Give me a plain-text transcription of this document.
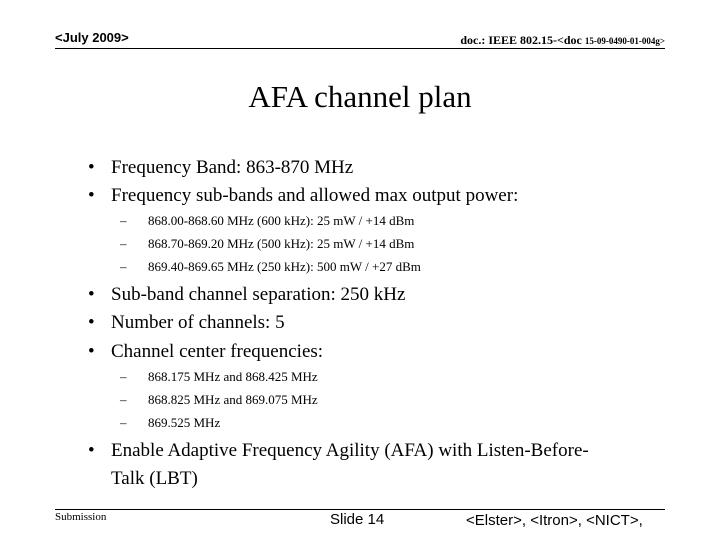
<July 2009>	doc.: IEEE 802.15-<doc 15-09-0490-01-004g>
AFA channel plan
• Frequency Band: 863-870 MHz
• Frequency sub-bands and allowed max output power:
–	868.00-868.60 MHz (600 kHz): 25 mW / +14 dBm
–	868.70-869.20 MHz (500 kHz): 25 mW / +14 dBm
–	869.40-869.65 MHz (250 kHz): 500 mW / +27 dBm
• Sub-band channel separation: 250 kHz
• Number of channels: 5
• Channel center frequencies:
–	868.175 MHz and 868.425 MHz
–	868.825 MHz and 869.075 MHz
–	869.525 MHz
• Enable Adaptive Frequency Agility (AFA) with Listen-Before-Talk (LBT)
Submission	Slide 14	<Elster>, <Itron>, <NICT>,
